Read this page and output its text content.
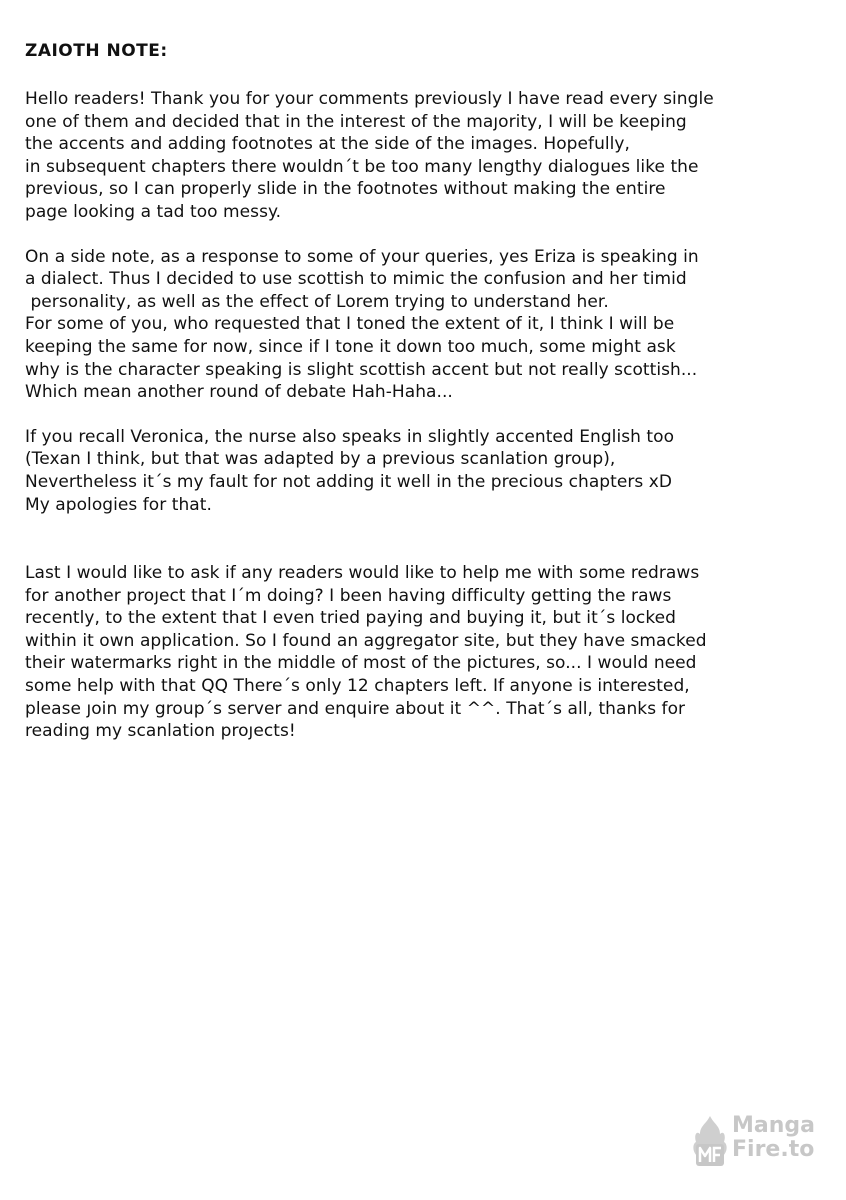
ZAIOTH NOTE:
Hello readers! Thank you for your comments previously I have read every single
one of them and decided that in the interest of the maȷority, I will be keeping
the accents and adding footnotes at the side of the images. Hopefully,
in subsequent chapters there wouldn´t be too many lengthy dialogues like the
previous, so I can properly slide in the footnotes without making the entire
page looking a tad too messy.
On a side note, as a response to some of your queries, yes Eriza is speaking in
a dialect. Thus I decided to use scottish to mimic the confusion and her timid
personality, as well as the effect of Lorem trying to understand her.
For some of you, who requested that I toned the extent of it, I think I will be
keeping the same for now, since if I tone it down too much, some might ask
why is the character speaking is slight scottish accent but not really scottish...
Which mean another round of debate Hah-Haha...
If you recall Veronica, the nurse also speaks in slightly accented English too
(Texan I think, but that was adapted by a previous scanlation group),
Nevertheless it´s my fault for not adding it well in the precious chapters xD
My apologies for that.
Last I would like to ask if any readers would like to help me with some redraws
for another proȷect that I´m doing? I been having difficulty getting the raws
recently, to the extent that I even tried paying and buying it, but it´s locked
within it own application. So I found an aggregator site, but they have smacked
their watermarks right in the middle of most of the pictures, so... I would need
some help with that QQ There´s only 12 chapters left. If anyone is interested,
please ȷoin my group´s server and enquire about it ^^. That´s all, thanks for
reading my scanlation proȷects!
Manga
Fire.to
